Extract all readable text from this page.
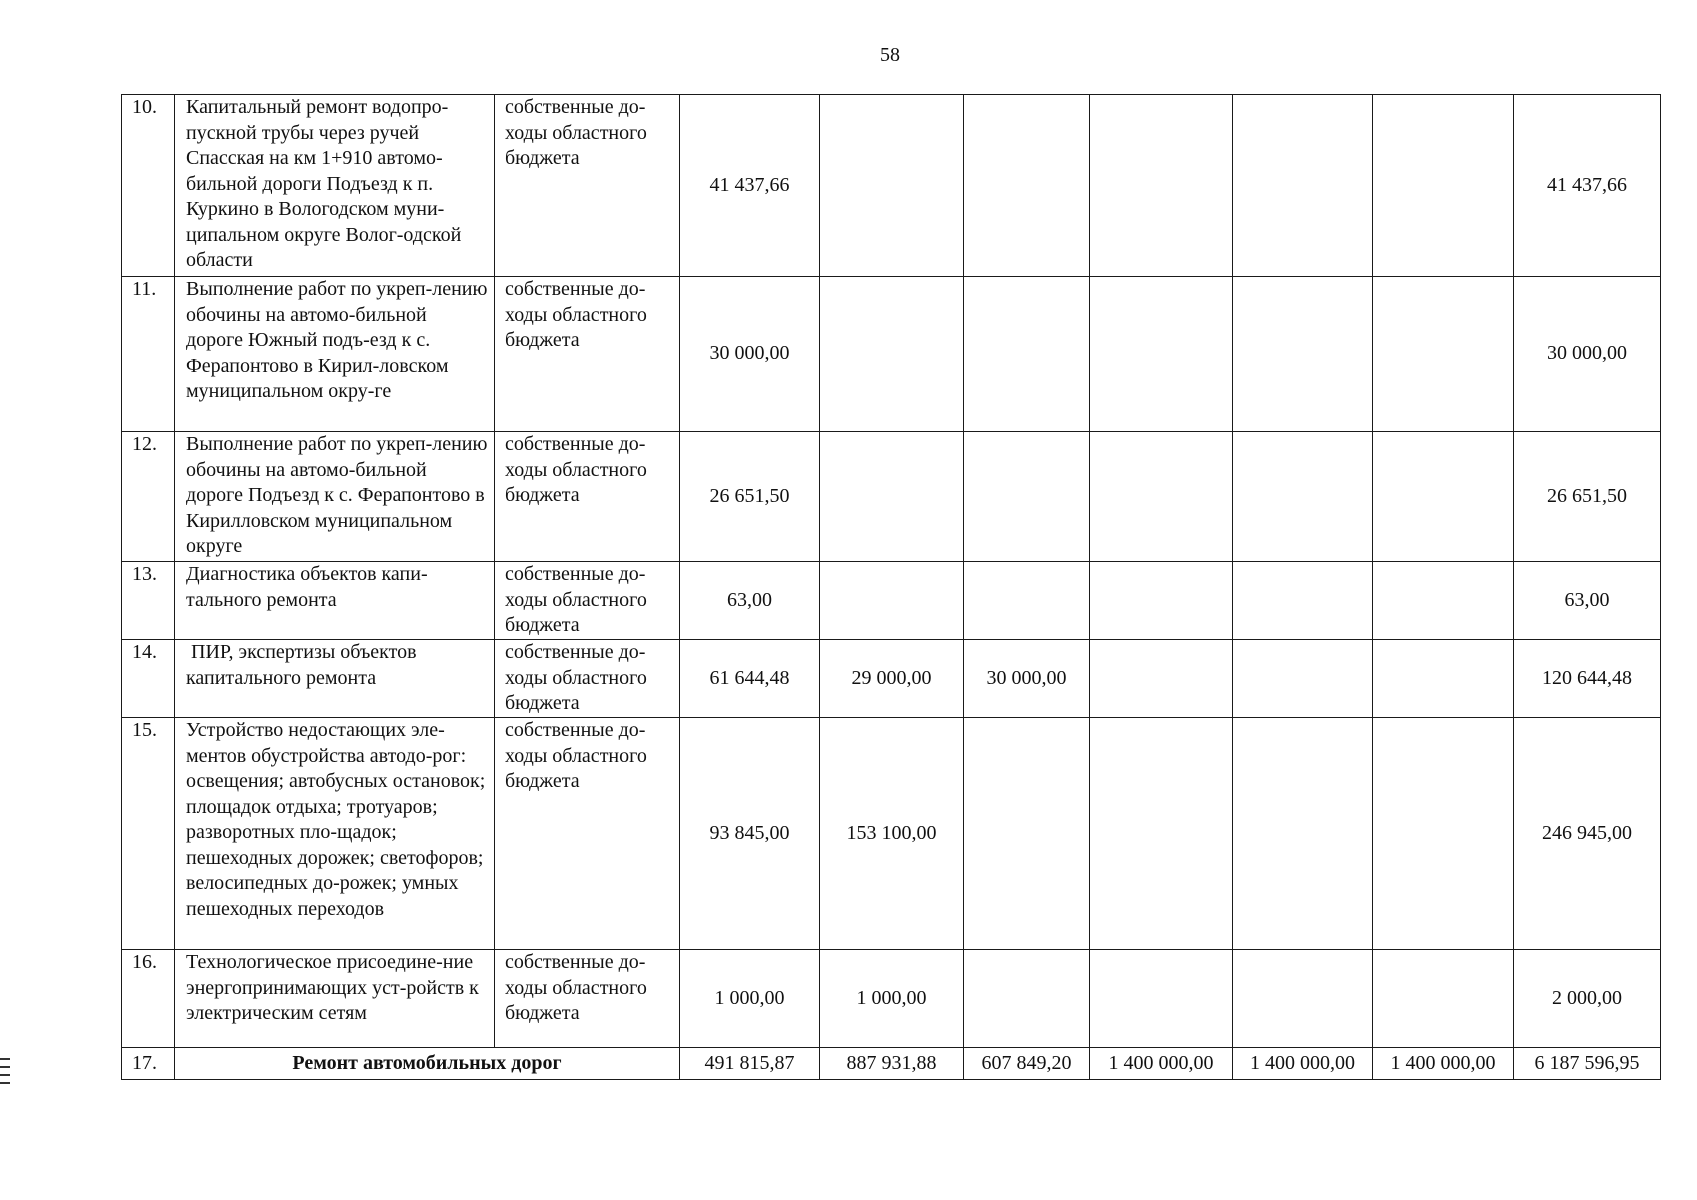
58
10.	Капитальный ремонт водопро-пускной трубы через ручей Спасская на км 1+910 автомо-бильной дороги Подъезд к п. Куркино в Вологодском муни-ципальном округе Волог-одской области	собственные до-ходы областного бюджета	41 437,66						41 437,66
11.	Выполнение работ по укреп-лению обочины на автомо-бильной дороге Южный подъ-езд к с. Ферапонтово в Кирил-ловском муниципальном окру-ге	собственные до-ходы областного бюджета	30 000,00						30 000,00
12.	Выполнение работ по укреп-лению обочины на автомо-бильной дороге Подъезд к с. Ферапонтово в Кирилловском муниципальном округе	собственные до-ходы областного бюджета	26 651,50						26 651,50
13.	Диагностика объектов капи-тального ремонта	собственные до-ходы областного бюджета	63,00						63,00
14.	ПИР, экспертизы объектов капитального ремонта	собственные до-ходы областного бюджета	61 644,48	29 000,00	30 000,00				120 644,48
15.	Устройство недостающих эле-ментов обустройства автодо-рог: освещения; автобусных остановок; площадок отдыха; тротуаров; разворотных пло-щадок; пешеходных дорожек; светофоров; велосипедных до-рожек; умных пешеходных переходов	собственные до-ходы областного бюджета	93 845,00	153 100,00					246 945,00
16.	Технологическое присоедине-ние энергопринимающих уст-ройств к электрическим сетям	собственные до-ходы областного бюджета	1 000,00	1 000,00					2 000,00
17.	Ремонт автомобильных дорог		491 815,87	887 931,88	607 849,20	1 400 000,00	1 400 000,00	1 400 000,00	6 187 596,95
